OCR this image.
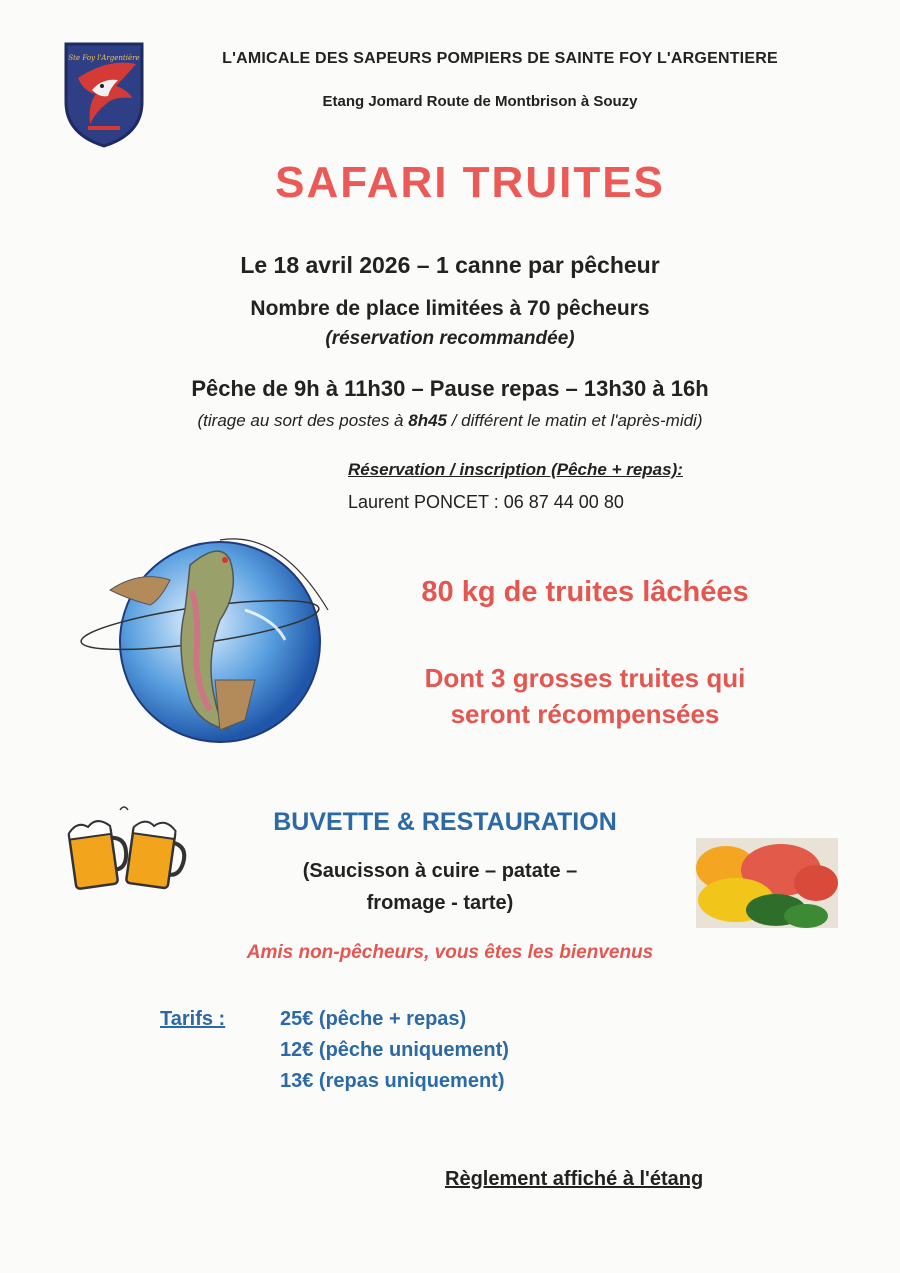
Ste Foy l'Argentière	L'AMICALE DES SAPEURS POMPIERS DE SAINTE FOY L'ARGENTIERE
Etang Jomard Route de Montbrison à Souzy
SAFARI TRUITES
Le 18 avril 2026 – 1 canne par pêcheur
Nombre de place limitées à 70 pêcheurs
(réservation recommandée)
Pêche de 9h à 11h30 – Pause repas – 13h30 à 16h
(tirage au sort des postes à 8h45 / différent le matin et l'après-midi)
Réservation / inscription (Pêche + repas):
Laurent PONCET : 06 87 44 00 80
80 kg de truites lâchées
Dont 3 grosses truites qui
seront récompensées
BUVETTE & RESTAURATION
(Saucisson à cuire – patate –
fromage - tarte)
Amis non-pêcheurs, vous êtes les bienvenus
Tarifs :	25€ (pêche + repas)
12€ (pêche uniquement)
13€ (repas uniquement)
Règlement affiché à l'étang
